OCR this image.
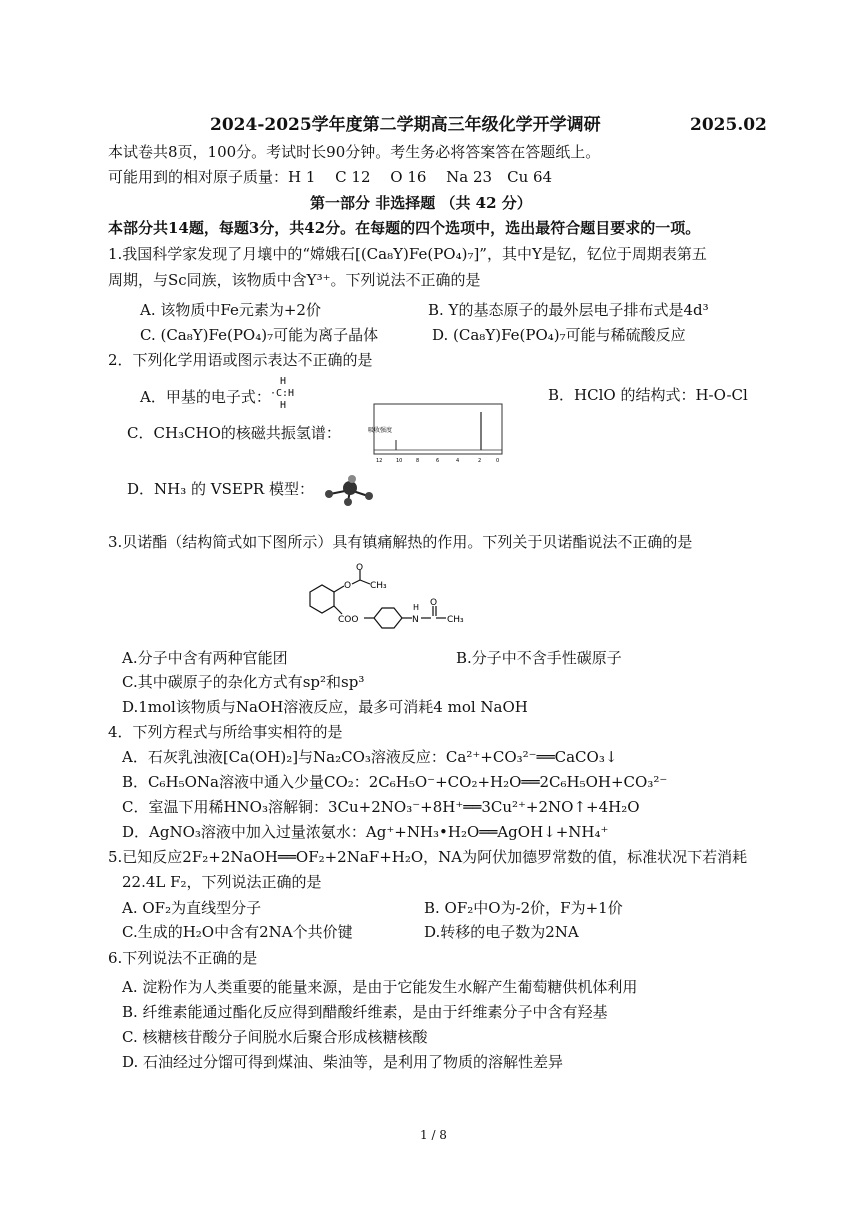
2024-2025学年度第二学期高三年级化学开学调研	2025.02
本试卷共8页，100分。考试时长90分钟。考生务必将答案答在答题纸上。
可能用到的相对原子质量：H 1　 C 12　 O 16　 Na 23　Cu 64
第一部分 非选择题 （共 42 分）
本部分共14题，每题3分，共42分。在每题的四个选项中，选出最符合题目要求的一项。
1.我国科学家发现了月壤中的“嫦娥石[(Ca₈Y)Fe(PO₄)₇]”，其中Y是钇，钇位于周期表第五
周期，与Sc同族，该物质中含Y³⁺。下列说法不正确的是
A. 该物质中Fe元素为+2价	B. Y的基态原子的最外层电子排布式是4d³
C. (Ca₈Y)Fe(PO₄)₇可能为离子晶体	D. (Ca₈Y)Fe(PO₄)₇可能与稀硫酸反应
2．下列化学用语或图示表达不正确的是
A．甲基的电子式：
H
·C:H
H
B．HClO 的结构式：H-O-Cl
C．CH₃CHO的核磁共振氢谱：	吸收强度
12	10	8	6	4	2	0
D．NH₃ 的 VSEPR 模型：
3.贝诺酯（结构简式如下图所示）具有镇痛解热的作用。下列关于贝诺酯说法不正确的是
O
O
CH₃
COO	N
H O
CH₃
A.分子中含有两种官能团	B.分子中不含手性碳原子
C.其中碳原子的杂化方式有sp²和sp³
D.1mol该物质与NaOH溶液反应，最多可消耗4 mol NaOH
4．下列方程式与所给事实相符的是
A．石灰乳浊液[Ca(OH)₂]与Na₂CO₃溶液反应：Ca²⁺+CO₃²⁻══CaCO₃↓
B．C₆H₅ONa溶液中通入少量CO₂：2C₆H₅O⁻+CO₂+H₂O══2C₆H₅OH+CO₃²⁻
C．室温下用稀HNO₃溶解铜：3Cu+2NO₃⁻+8H⁺══3Cu²⁺+2NO↑+4H₂O
D．AgNO₃溶液中加入过量浓氨水：Ag⁺+NH₃•H₂O══AgOH↓+NH₄⁺
5.已知反应2F₂+2NaOH══OF₂+2NaF+H₂O，NA为阿伏加德罗常数的值，标准状况下若消耗
22.4L F₂，下列说法正确的是
A. OF₂为直线型分子	B. OF₂中O为-2价，F为+1价
C.生成的H₂O中含有2NA个共价键	D.转移的电子数为2NA
6.下列说法不正确的是
A. 淀粉作为人类重要的能量来源，是由于它能发生水解产生葡萄糖供机体利用
B. 纤维素能通过酯化反应得到醋酸纤维素，是由于纤维素分子中含有羟基
C. 核糖核苷酸分子间脱水后聚合形成核糖核酸
D. 石油经过分馏可得到煤油、柴油等，是利用了物质的溶解性差异
1 / 8
